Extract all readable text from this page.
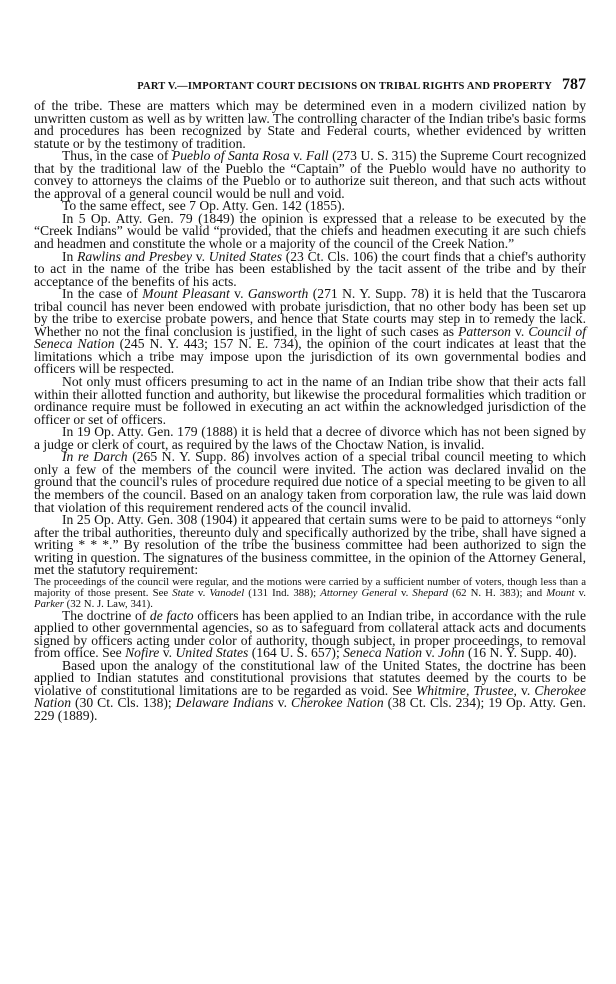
PART V.—IMPORTANT COURT DECISIONS ON TRIBAL RIGHTS AND PROPERTY 787

of the tribe. These are matters which may be determined even in a modern civilized nation by unwritten custom as well as by written law. The controlling character of the Indian tribe's basic forms and procedures has been recognized by State and Federal courts, whether evidenced by written statute or by the testimony of tradition.

Thus, in the case of Pueblo of Santa Rosa v. Fall (273 U. S. 315) the Supreme Court recognized that by the traditional law of the Pueblo the “Captain” of the Pueblo would have no authority to convey to attorneys the claims of the Pueblo or to authorize suit thereon, and that such acts without the approval of a general council would be null and void.

To the same effect, see 7 Op. Atty. Gen. 142 (1855).

In 5 Op. Atty. Gen. 79 (1849) the opinion is expressed that a release to be executed by the “Creek Indians” would be valid “provided, that the chiefs and headmen executing it are such chiefs and headmen and constitute the whole or a majority of the council of the Creek Nation.”

In Rawlins and Presbey v. United States (23 Ct. Cls. 106) the court finds that a chief's authority to act in the name of the tribe has been established by the tacit assent of the tribe and by their acceptance of the benefits of his acts.

In the case of Mount Pleasant v. Gansworth (271 N. Y. Supp. 78) it is held that the Tuscarora tribal council has never been endowed with probate jurisdiction, that no other body has been set up by the tribe to exercise probate powers, and hence that State courts may step in to remedy the lack. Whether no not the final conclusion is justified, in the light of such cases as Patterson v. Council of Seneca Nation (245 N. Y. 443; 157 N. E. 734), the opinion of the court indicates at least that the limitations which a tribe may impose upon the jurisdiction of its own governmental bodies and officers will be respected.

Not only must officers presuming to act in the name of an Indian tribe show that their acts fall within their allotted function and authority, but likewise the procedural formalities which tradition or ordinance require must be followed in executing an act within the acknowledged jurisdiction of the officer or set of officers.

In 19 Op. Atty. Gen. 179 (1888) it is held that a decree of divorce which has not been signed by a judge or clerk of court, as required by the laws of the Choctaw Nation, is invalid.

In re Darch (265 N. Y. Supp. 86) involves action of a special tribal council meeting to which only a few of the members of the council were invited. The action was declared invalid on the ground that the council's rules of procedure required due notice of a special meeting to be given to all the members of the council. Based on an analogy taken from corporation law, the rule was laid down that violation of this requirement rendered acts of the council invalid.

In 25 Op. Atty. Gen. 308 (1904) it appeared that certain sums were to be paid to attorneys “only after the tribal authorities, thereunto duly and specifically authorized by the tribe, shall have signed a writing * * *.” By resolution of the tribe the business committee had been authorized to sign the writing in question. The signatures of the business committee, in the opinion of the Attorney General, met the statutory requirement:

The proceedings of the council were regular, and the motions were carried by a sufficient number of voters, though less than a majority of those present. See State v. Vanodel (131 Ind. 388); Attorney General v. Shepard (62 N. H. 383); and Mount v. Parker (32 N. J. Law, 341).

The doctrine of de facto officers has been applied to an Indian tribe, in accordance with the rule applied to other governmental agencies, so as to safeguard from collateral attack acts and documents signed by officers acting under color of authority, though subject, in proper proceedings, to removal from office. See Nofire v. United States (164 U. S. 657); Seneca Nation v. John (16 N. Y. Supp. 40).

Based upon the analogy of the constitutional law of the United States, the doctrine has been applied to Indian statutes and constitutional provisions that statutes deemed by the courts to be violative of constitutional limitations are to be regarded as void. See Whitmire, Trustee, v. Cherokee Nation (30 Ct. Cls. 138); Delaware Indians v. Cherokee Nation (38 Ct. Cls. 234); 19 Op. Atty. Gen. 229 (1889).
